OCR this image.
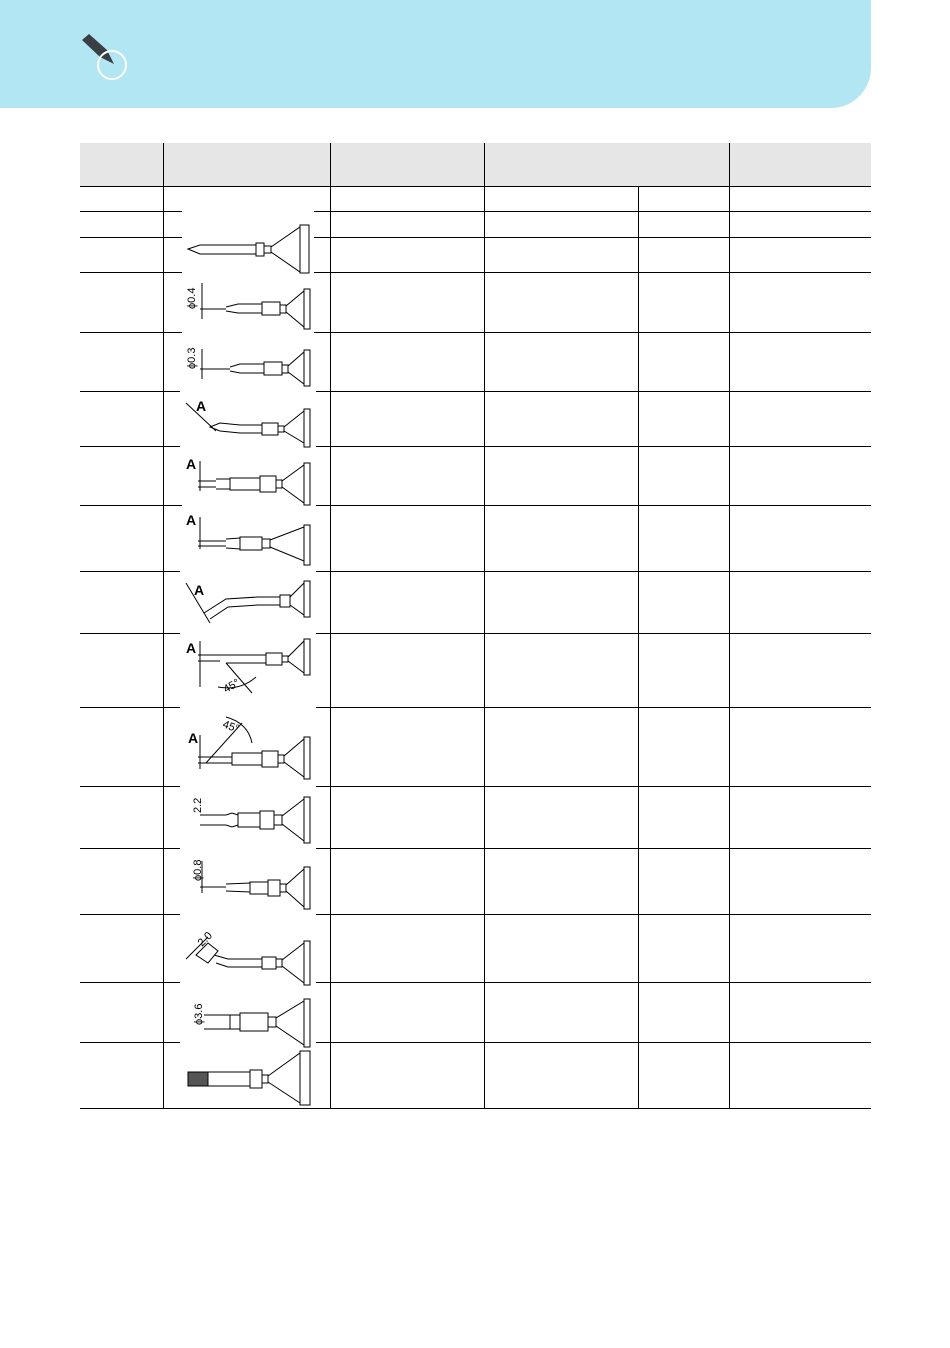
ϕ0.4
ϕ0.3
A
A
A
A
A
45°
A
45°
2.2
ϕ0.8
2.0
ϕ3.6
